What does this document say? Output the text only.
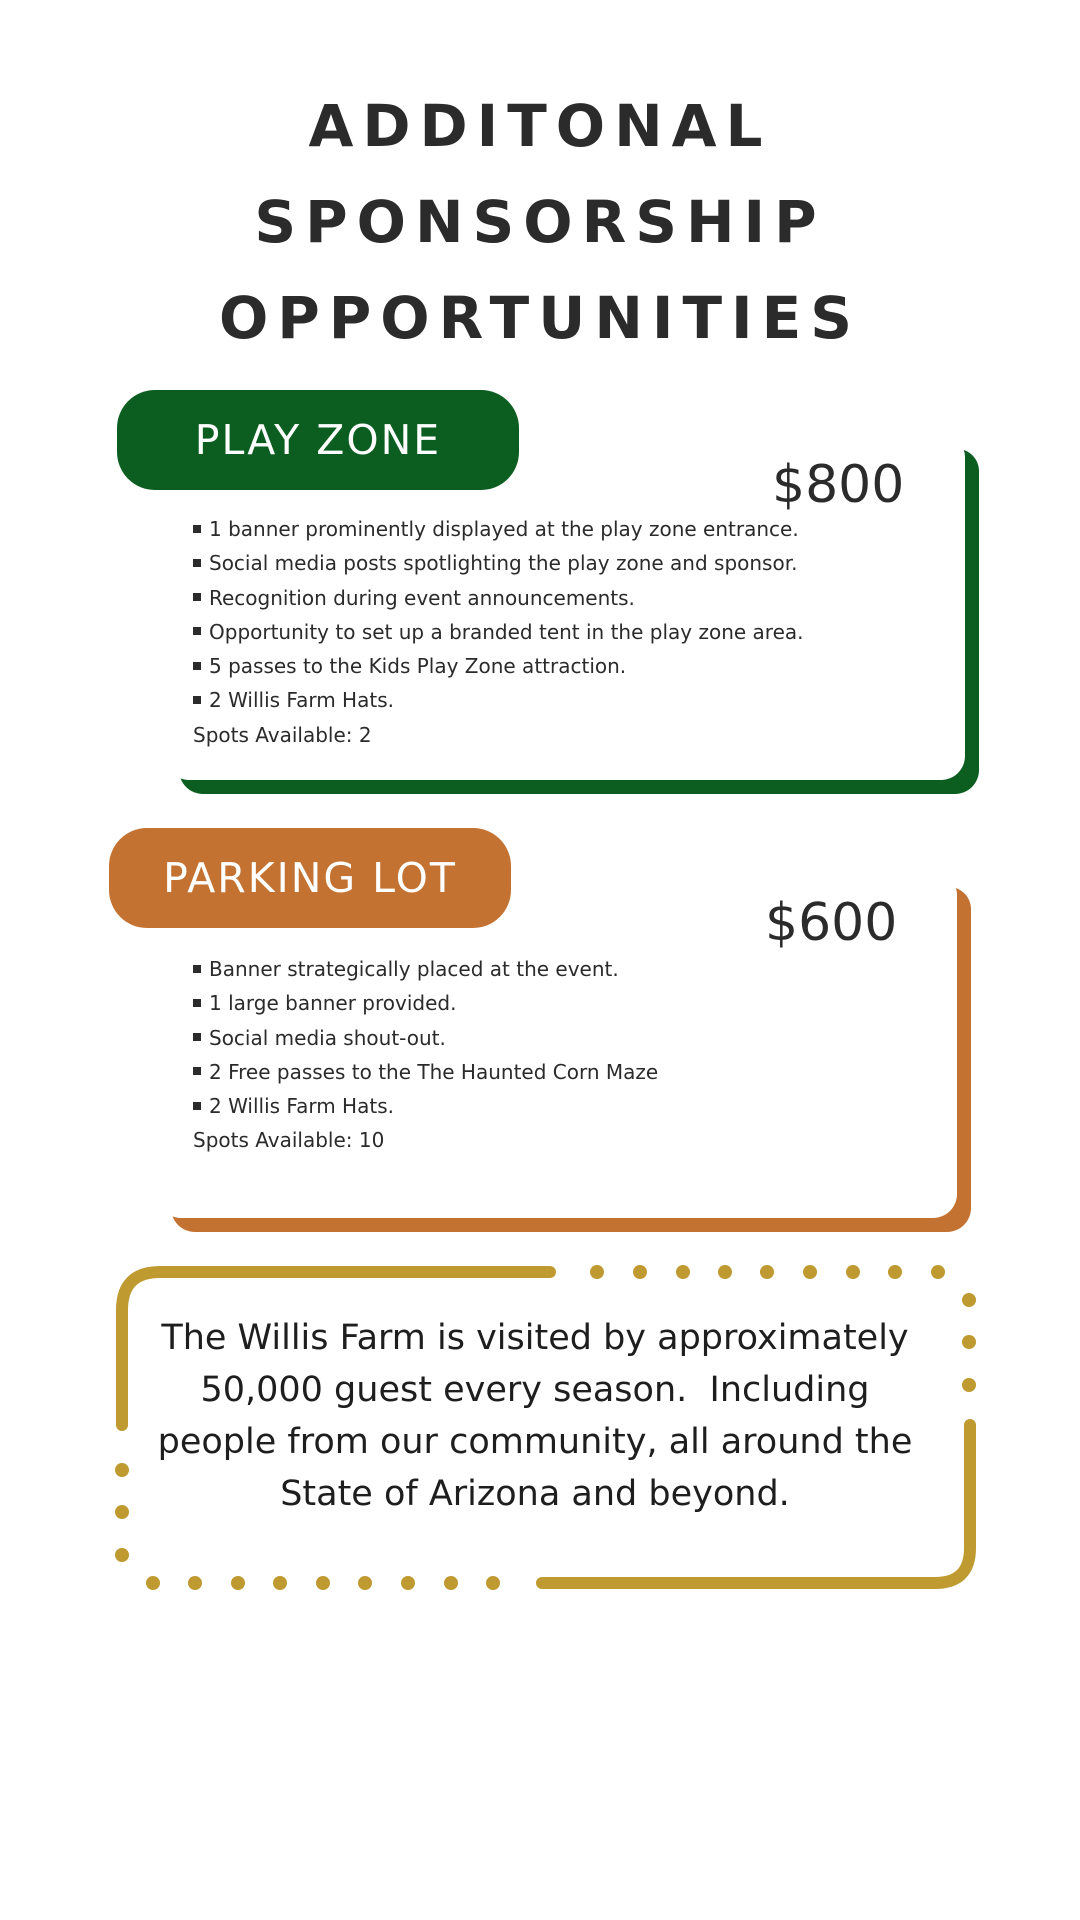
ADDITONAL
SPONSORSHIP
OPPORTUNITIES
PLAY ZONE
$800
1 banner prominently displayed at the play zone entrance.
Social media posts spotlighting the play zone and sponsor.
Recognition during event announcements.
Opportunity to set up a branded tent in the play zone area.
5 passes to the Kids Play Zone attraction.
2 Willis Farm Hats.
Spots Available: 2
PARKING LOT
$600
Banner strategically placed at the event.
1 large banner provided.
Social media shout-out.
2 Free passes to the The Haunted Corn Maze
2 Willis Farm Hats.
Spots Available: 10
The Willis Farm is visited by approximately
50,000 guest every season.  Including
people from our community, all around the
State of Arizona and beyond.
